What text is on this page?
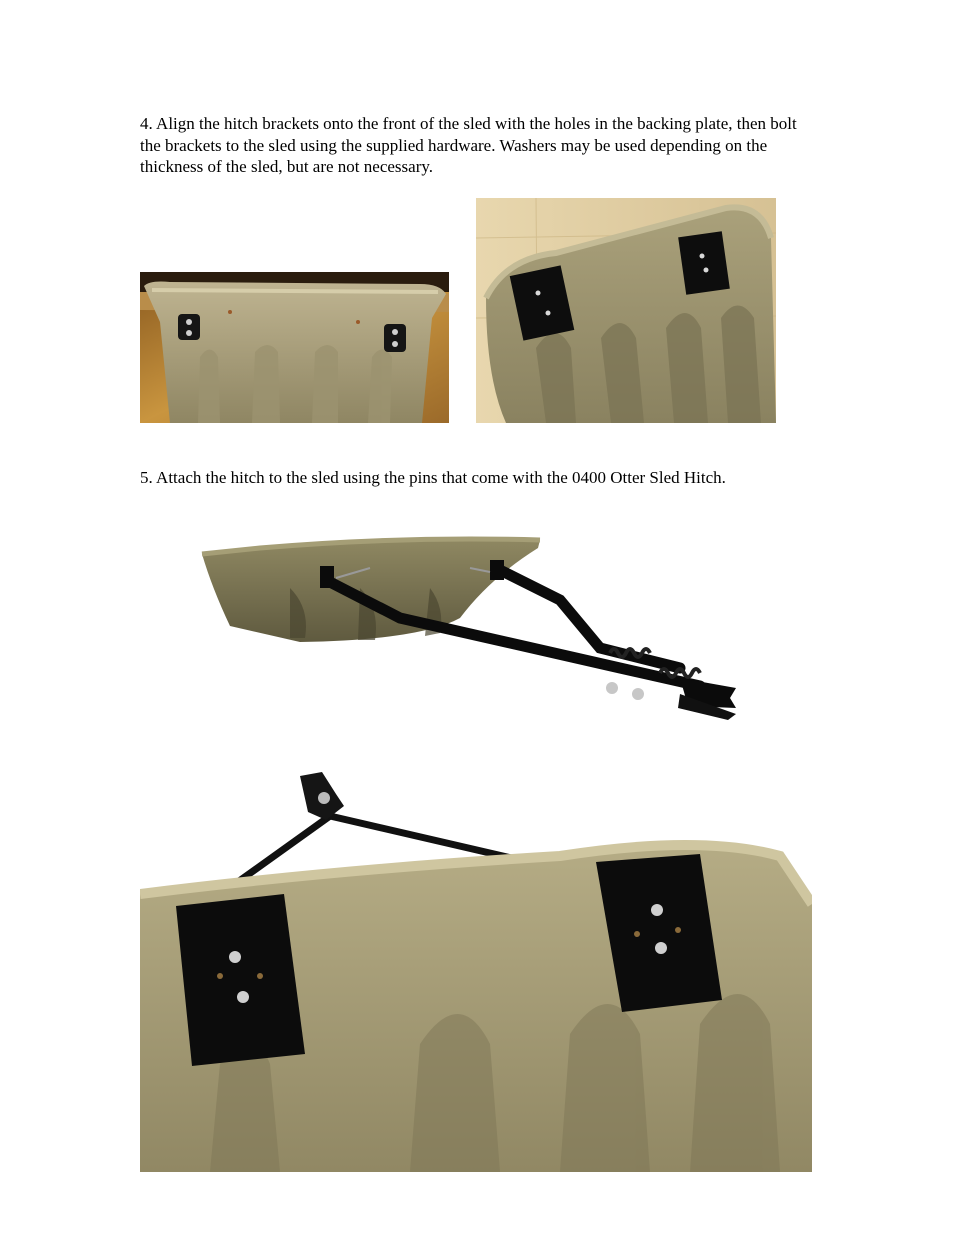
4. Align the hitch brackets onto the front of the sled with the holes in the backing plate, then bolt the brackets to the sled using the supplied hardware. Washers may be used depending on the thickness of the sled, but are not necessary.

5. Attach the hitch to the sled using the pins that come with the 0400 Otter Sled Hitch.
